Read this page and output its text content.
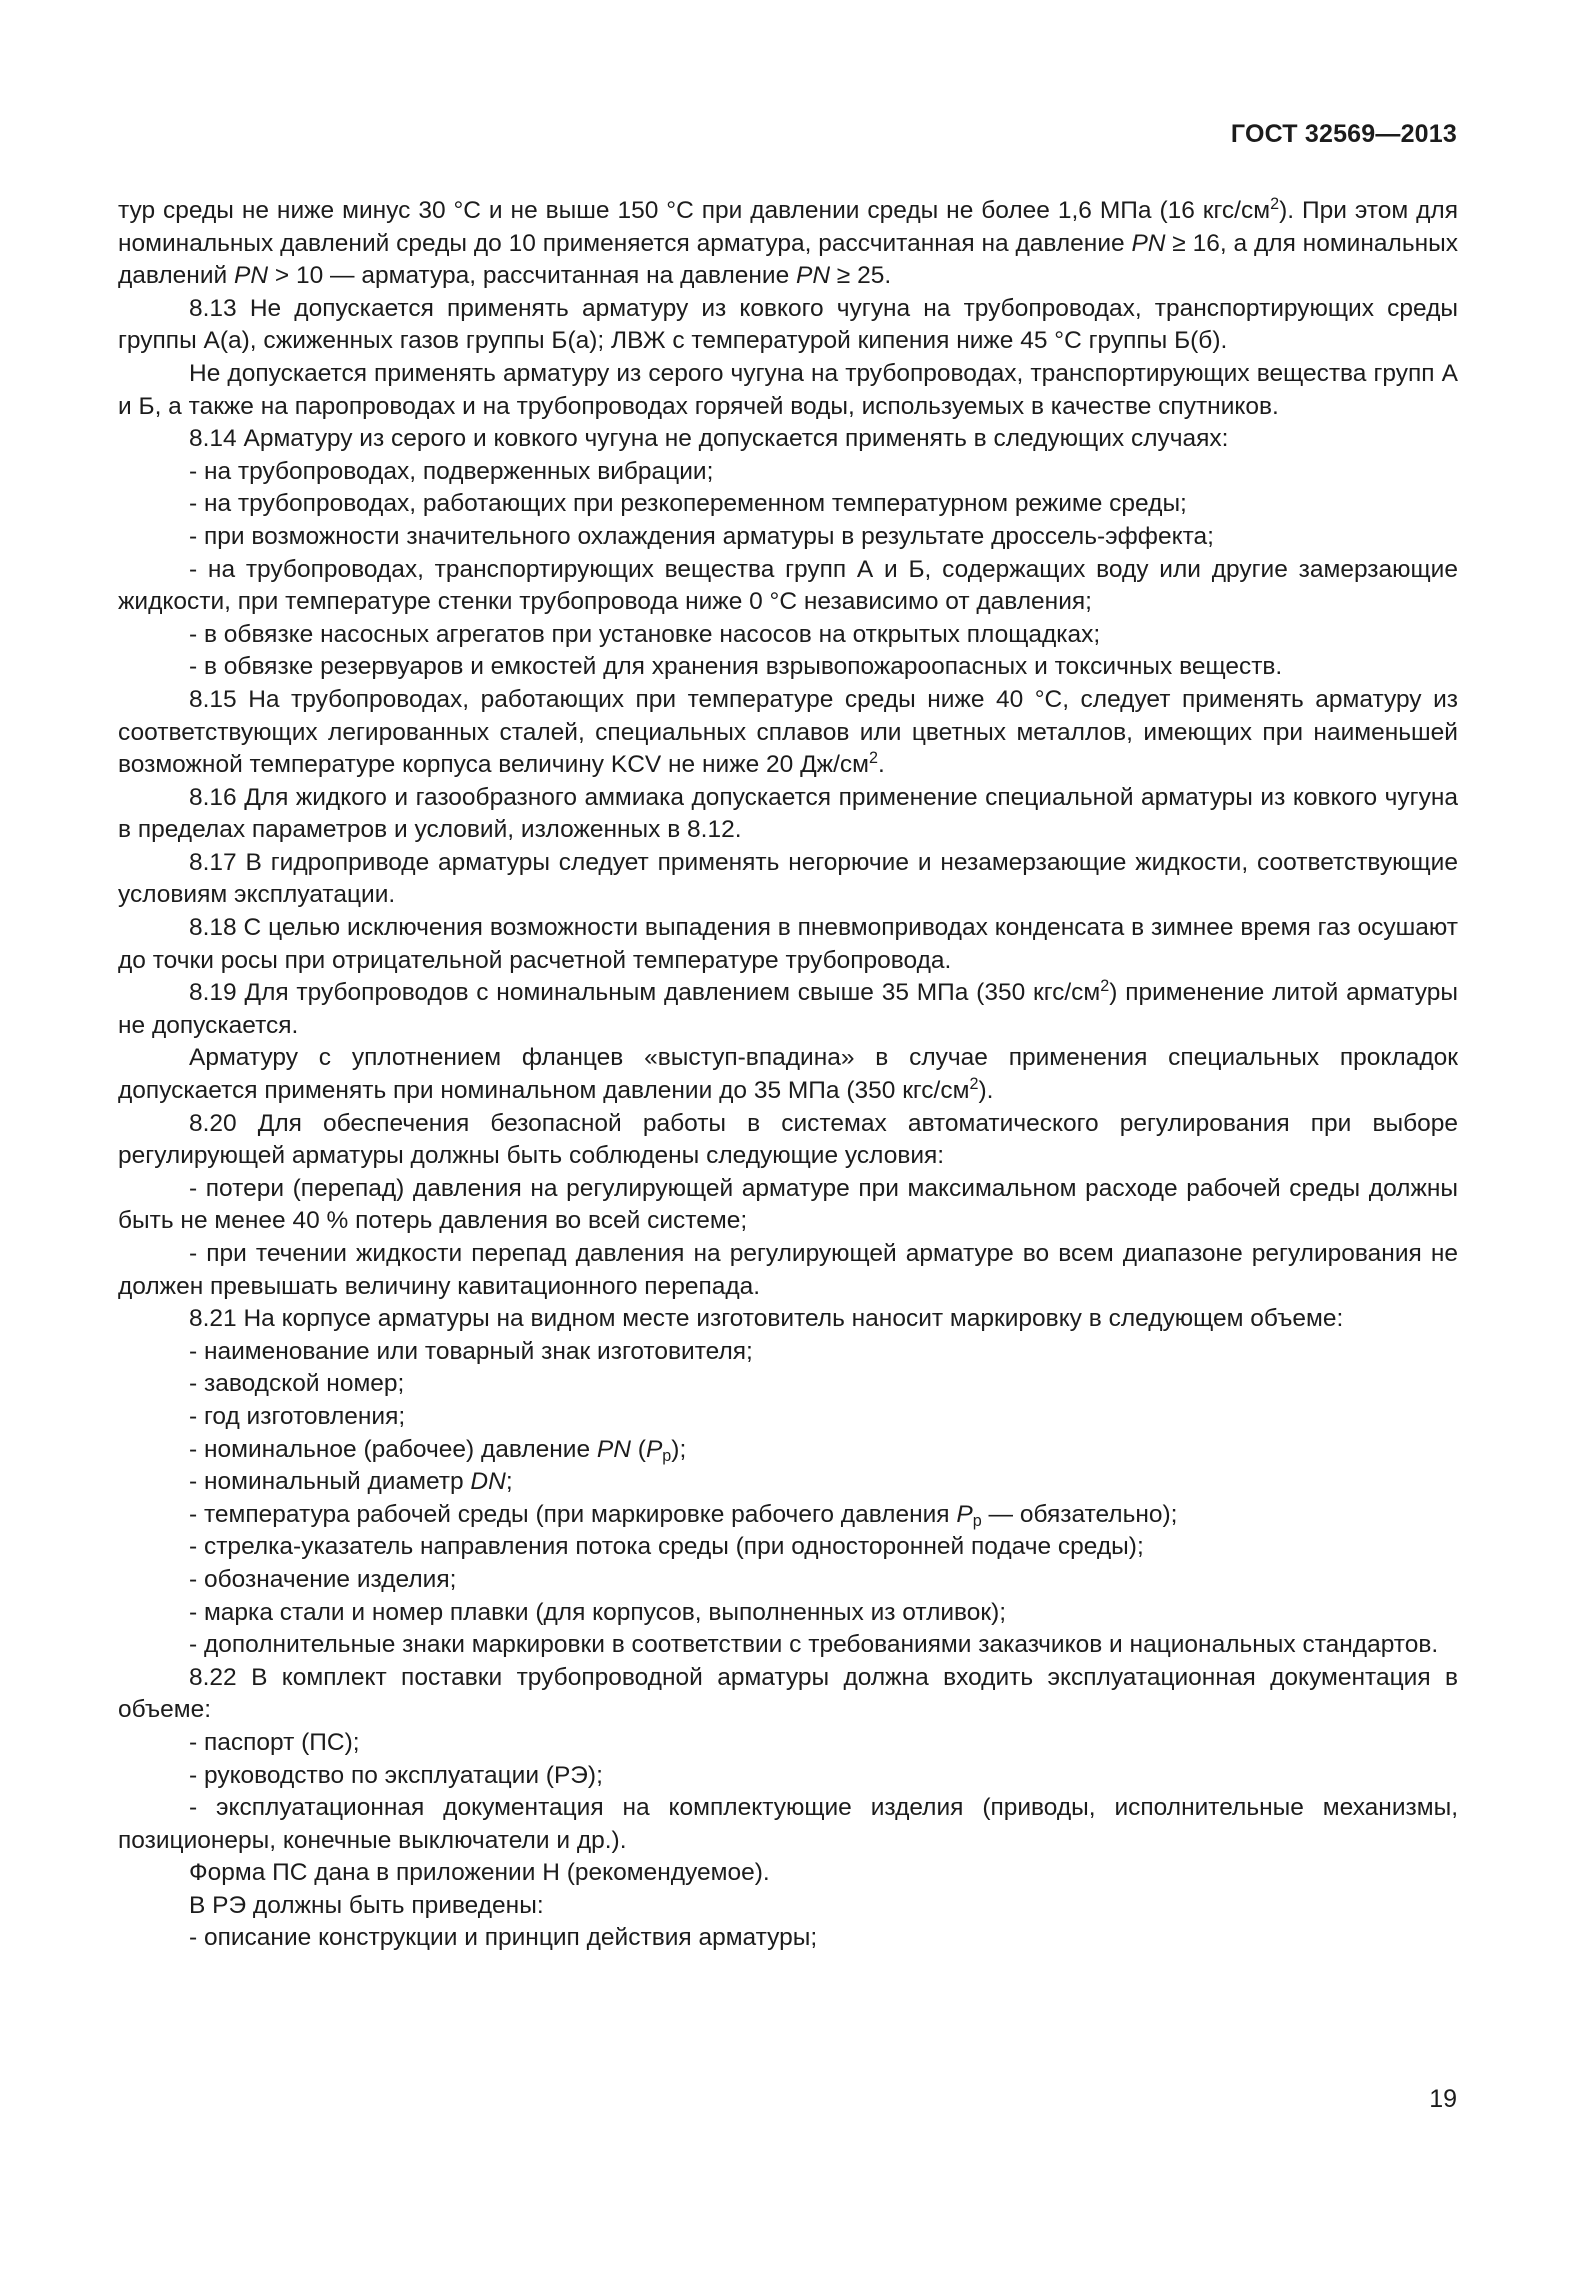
ГОСТ 32569—2013

тур среды не ниже минус 30 °С и не выше 150 °С при давлении среды не более 1,6 МПа (16 кгс/$см^2$). При этом для номинальных давлений среды до 10 применяется арматура, рассчитанная на давление PN ≥ 16, а для номинальных давлений PN > 10 — арматура, рассчитанная на давление PN ≥ 25.

8.13 Не допускается применять арматуру из ковкого чугуна на трубопроводах, транспортирующих среды группы А(а), сжиженных газов группы Б(а); ЛВЖ с температурой кипения ниже 45 °С группы Б(б).

Не допускается применять арматуру из серого чугуна на трубопроводах, транспортирующих вещества групп А и Б, а также на паропроводах и на трубопроводах горячей воды, используемых в качестве спутников.

8.14 Арматуру из серого и ковкого чугуна не допускается применять в следующих случаях:

- на трубопроводах, подверженных вибрации;

- на трубопроводах, работающих при резкопеременном температурном режиме среды;

- при возможности значительного охлаждения арматуры в результате дроссель-эффекта;

- на трубопроводах, транспортирующих вещества групп А и Б, содержащих воду или другие замерзающие жидкости, при температуре стенки трубопровода ниже 0 °С независимо от давления;

- в обвязке насосных агрегатов при установке насосов на открытых площадках;

- в обвязке резервуаров и емкостей для хранения взрывопожароопасных и токсичных веществ.

8.15 На трубопроводах, работающих при температуре среды ниже 40 °С, следует применять арматуру из соответствующих легированных сталей, специальных сплавов или цветных металлов, имеющих при наименьшей возможной температуре корпуса величину KCV не ниже 20 $Дж/см^2$.

8.16 Для жидкого и газообразного аммиака допускается применение специальной арматуры из ковкого чугуна в пределах параметров и условий, изложенных в 8.12.

8.17 В гидроприводе арматуры следует применять негорючие и незамерзающие жидкости, соответствующие условиям эксплуатации.

8.18 С целью исключения возможности выпадения в пневмоприводах конденсата в зимнее время газ осушают до точки росы при отрицательной расчетной температуре трубопровода.

8.19 Для трубопроводов с номинальным давлением свыше 35 МПа (350 кгс/$см^2$) применение литой арматуры не допускается.

Арматуру с уплотнением фланцев «выступ-впадина» в случае применения специальных прокладок допускается применять при номинальном давлении до 35 МПа (350 кгс/$см^2$).

8.20 Для обеспечения безопасной работы в системах автоматического регулирования при выборе регулирующей арматуры должны быть соблюдены следующие условия:

- потери (перепад) давления на регулирующей арматуре при максимальном расходе рабочей среды должны быть не менее 40 % потерь давления во всей системе;

- при течении жидкости перепад давления на регулирующей арматуре во всем диапазоне регулирования не должен превышать величину кавитационного перепада.

8.21 На корпусе арматуры на видном месте изготовитель наносит маркировку в следующем объеме:

- наименование или товарный знак изготовителя;

- заводской номер;

- год изготовления;

- номинальное (рабочее) давление PN $(P_р)$;

- номинальный диаметр DN;

- температура рабочей среды (при маркировке рабочего давления $P_р$ — обязательно);

- стрелка-указатель направления потока среды (при односторонней подаче среды);

- обозначение изделия;

- марка стали и номер плавки (для корпусов, выполненных из отливок);

- дополнительные знаки маркировки в соответствии с требованиями заказчиков и национальных стандартов.

8.22 В комплект поставки трубопроводной арматуры должна входить эксплуатационная документация в объеме:

- паспорт (ПС);

- руководство по эксплуатации (РЭ);

- эксплуатационная документация на комплектующие изделия (приводы, исполнительные механизмы, позиционеры, конечные выключатели и др.).

Форма ПС дана в приложении Н (рекомендуемое).

В РЭ должны быть приведены:

- описание конструкции и принцип действия арматуры;

19
